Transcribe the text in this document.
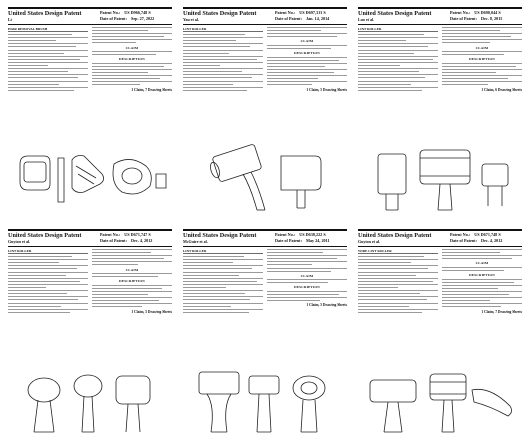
United States Design Patent
Li
Patent No.: US D966,748 S
Date of Patent: Sep. 27, 2022
HAIR REMOVAL BRUSH
CLAIM
DESCRIPTION
1 Claim, 7 Drawing Sheets
United States Design Patent
Yau et al.
Patent No.: US D697,313 S
Date of Patent: Jan. 14, 2014
LINT ROLLER
CLAIM
DESCRIPTION
1 Claim, 5 Drawing Sheets
United States Design Patent
Luo et al.
Patent No.: US D690,044 S
Date of Patent: Dec. 8, 2015
LINT ROLLER
CLAIM
DESCRIPTION
1 Claim, 6 Drawing Sheets
United States Design Patent
Guyton et al.
Patent No.: US D671,747 S
Date of Patent: Dec. 4, 2012
LINT ROLLER
CLAIM
DESCRIPTION
1 Claim, 5 Drawing Sheets
United States Design Patent
McGuire et al.
Patent No.: US D638,222 S
Date of Patent: May 24, 2011
LINT ROLLER
CLAIM
DESCRIPTION
1 Claim, 5 Drawing Sheets
United States Design Patent
Guyton et al.
Patent No.: US D671,748 S
Date of Patent: Dec. 4, 2012
WIDE LINT ROLLER
CLAIM
DESCRIPTION
1 Claim, 7 Drawing Sheets
